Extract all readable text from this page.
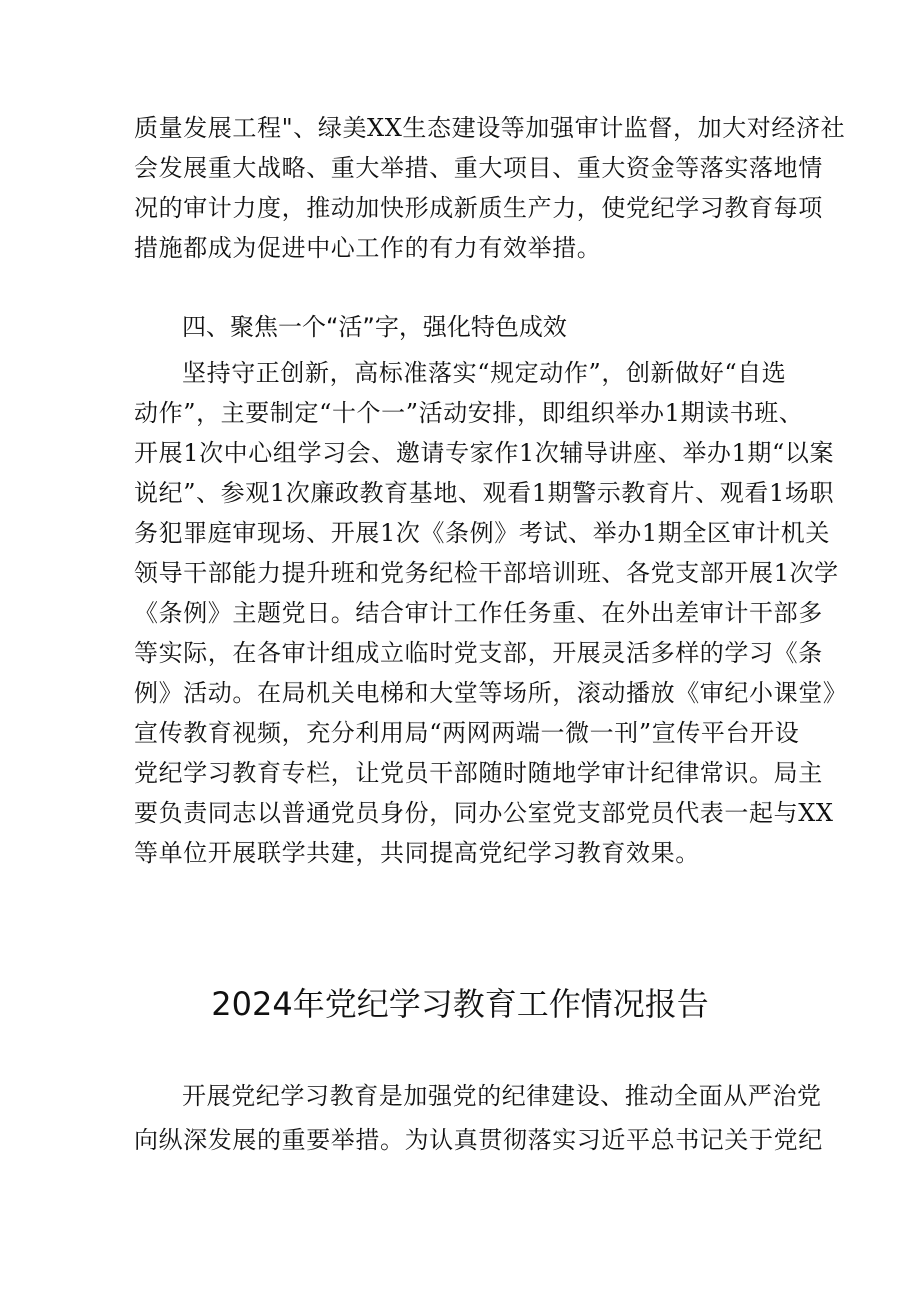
质量发展工程"、绿美XX生态建设等加强审计监督，加大对经济社
会发展重大战略、重大举措、重大项目、重大资金等落实落地情
况的审计力度，推动加快形成新质生产力，使党纪学习教育每项
措施都成为促进中心工作的有力有效举措。
四、聚焦一个“活”字，强化特色成效
坚持守正创新，高标准落实“规定动作”，创新做好“自选
动作”，主要制定“十个一”活动安排，即组织举办1期读书班、
开展1次中心组学习会、邀请专家作1次辅导讲座、举办1期“以案
说纪”、参观1次廉政教育基地、观看1期警示教育片、观看1场职
务犯罪庭审现场、开展1次《条例》考试、举办1期全区审计机关
领导干部能力提升班和党务纪检干部培训班、各党支部开展1次学
《条例》主题党日。结合审计工作任务重、在外出差审计干部多
等实际，在各审计组成立临时党支部，开展灵活多样的学习《条
例》活动。在局机关电梯和大堂等场所，滚动播放《审纪小课堂》
宣传教育视频，充分利用局“两网两端一微一刊”宣传平台开设
党纪学习教育专栏，让党员干部随时随地学审计纪律常识。局主
要负责同志以普通党员身份，同办公室党支部党员代表一起与XX
等单位开展联学共建，共同提高党纪学习教育效果。
2024年党纪学习教育工作情况报告
开展党纪学习教育是加强党的纪律建设、推动全面从严治党
向纵深发展的重要举措。为认真贯彻落实习近平总书记关于党纪
